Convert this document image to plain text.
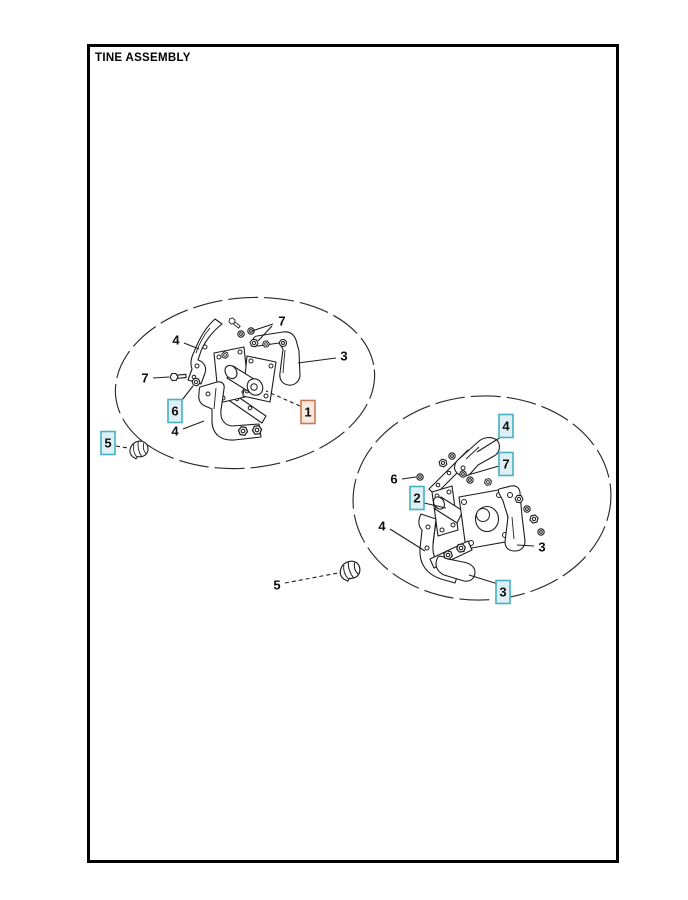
TINE ASSEMBLY
7
4
7
3
1
6
4
5
4
7
6
2
4
3
3
5
